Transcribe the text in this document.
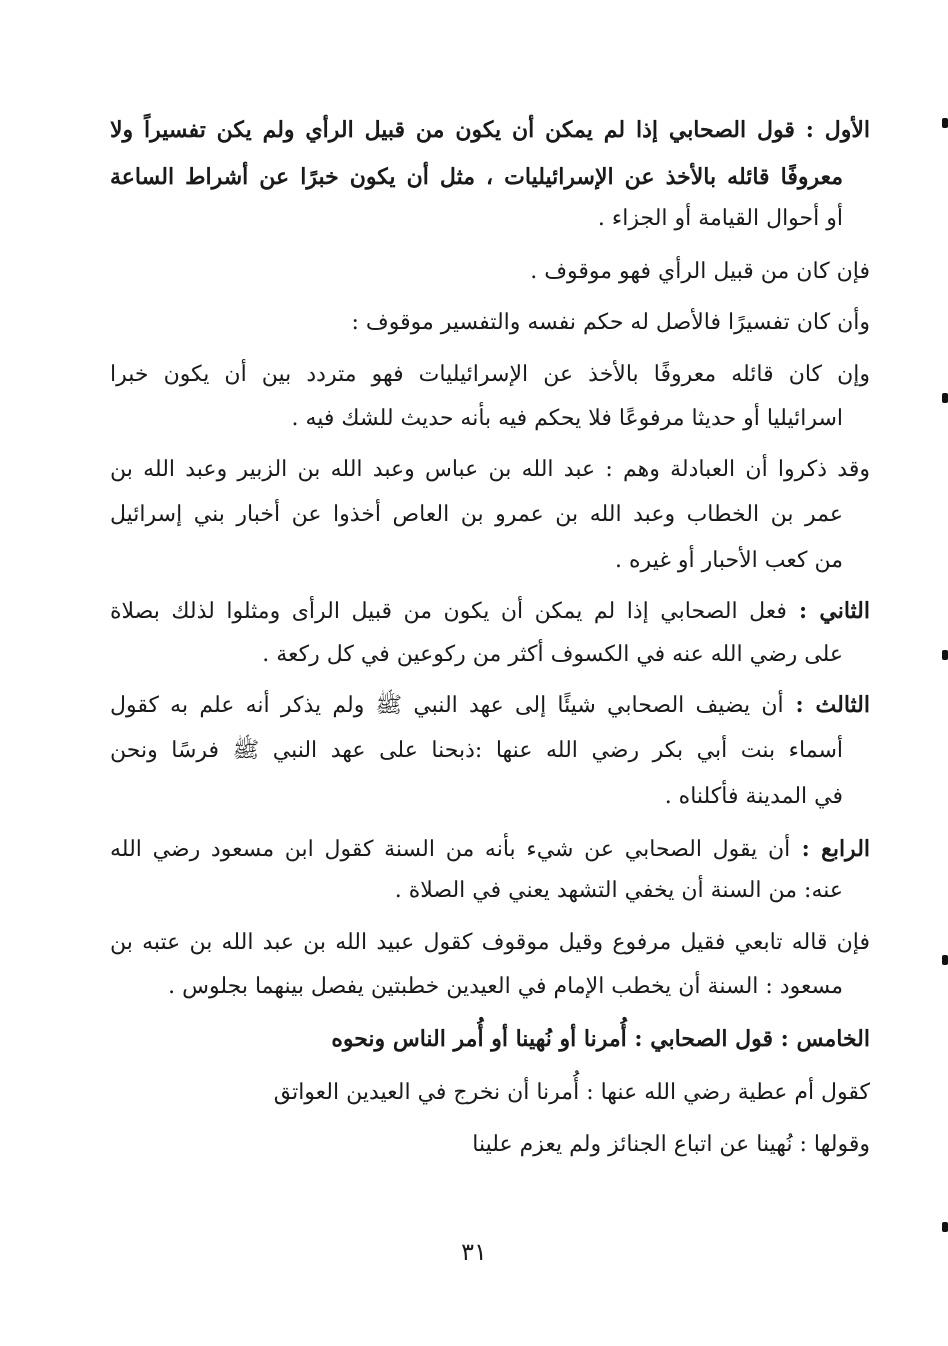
الأول : قول الصحابي إذا لم يمكن أن يكون من قبيل الرأي ولم يكن تفسيراً ولا
معروفًا قائله بالأخذ عن الإسرائيليات ، مثل أن يكون خبرًا عن أشراط الساعة
أو أحوال القيامة أو الجزاء .
فإن كان من قبيل الرأي فهو موقوف .
وأن كان تفسيرًا فالأصل له حكم نفسه والتفسير موقوف :
وإن كان قائله معروفًا بالأخذ عن الإسرائيليات فهو متردد بين أن يكون خبرا
اسرائيليا أو حديثا مرفوعًا فلا يحكم فيه بأنه حديث للشك فيه .
وقد ذكروا أن العبادلة وهم : عبد الله بن عباس وعبد الله بن الزبير وعبد الله بن
عمر بن الخطاب وعبد الله بن عمرو بن العاص أخذوا عن أخبار بني إسرائيل
من كعب الأحبار أو غيره .
الثاني : فعل الصحابي إذا لم يمكن أن يكون من قبيل الرأى ومثلوا لذلك بصلاة
على رضي الله عنه في الكسوف أكثر من ركوعين في كل ركعة .
الثالث : أن يضيف الصحابي شيئًا إلى عهد النبي ﷺ ولم يذكر أنه علم به كقول
أسماء بنت أبي بكر رضي الله عنها :ذبحنا على عهد النبي ﷺ فرسًا ونحن
في المدينة فأكلناه .
الرابع : أن يقول الصحابي عن شيء بأنه من السنة كقول ابن مسعود رضي الله
عنه: من السنة أن يخفي التشهد يعني في الصلاة .
فإن قاله تابعي فقيل مرفوع وقيل موقوف كقول عبيد الله بن عبد الله بن عتبه بن
مسعود : السنة أن يخطب الإمام في العيدين خطبتين يفصل بينهما بجلوس .
الخامس : قول الصحابي : أُمرنا أو نُهينا أو أُمر الناس ونحوه
كقول أم عطية رضي الله عنها : أُمرنا أن نخرج في العيدين العواتق
وقولها : نُهينا عن اتباع الجنائز ولم يعزم علينا
٣١
